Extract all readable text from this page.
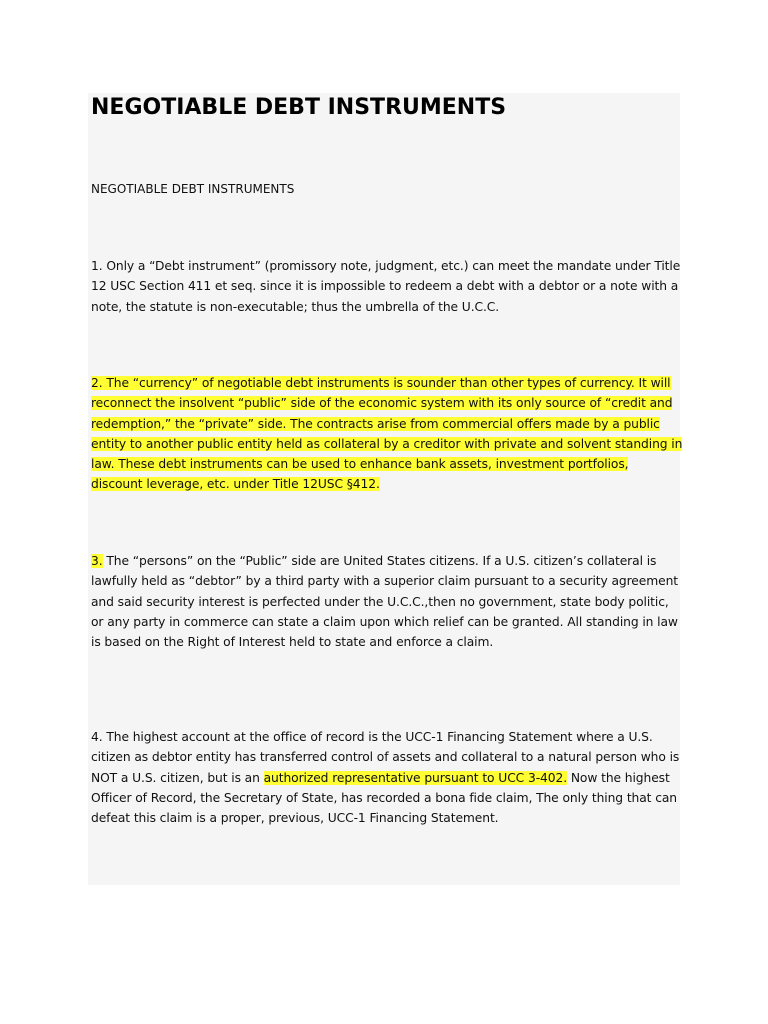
NEGOTIABLE DEBT INSTRUMENTS
NEGOTIABLE DEBT INSTRUMENTS

1. Only a “Debt instrument” (promissory note, judgment, etc.) can meet the mandate under Title 12 USC Section 411 et seq. since it is impossible to redeem a debt with a debtor or a note with a note, the statute is non-executable; thus the umbrella of the U.C.C.

2. The “currency” of negotiable debt instruments is sounder than other types of currency. It will reconnect the insolvent “public” side of the economic system with its only source of “credit and redemption,” the “private” side. The contracts arise from commercial offers made by a public entity to another public entity held as collateral by a creditor with private and solvent standing in law. These debt instruments can be used to enhance bank assets, investment portfolios, discount leverage, etc. under Title 12USC §412.

3. The “persons” on the “Public” side are United States citizens. If a U.S. citizen’s collateral is lawfully held as “debtor” by a third party with a superior claim pursuant to a security agreement and said security interest is perfected under the U.C.C.,then no government, state body politic, or any party in commerce can state a claim upon which relief can be granted. All standing in law is based on the Right of Interest held to state and enforce a claim.

4. The highest account at the office of record is the UCC-1 Financing Statement where a U.S. citizen as debtor entity has transferred control of assets and collateral to a natural person who is NOT a U.S. citizen, but is an authorized representative pursuant to UCC 3-402. Now the highest Officer of Record, the Secretary of State, has recorded a bona fide claim, The only thing that can defeat this claim is a proper, previous, UCC-1 Financing Statement.
